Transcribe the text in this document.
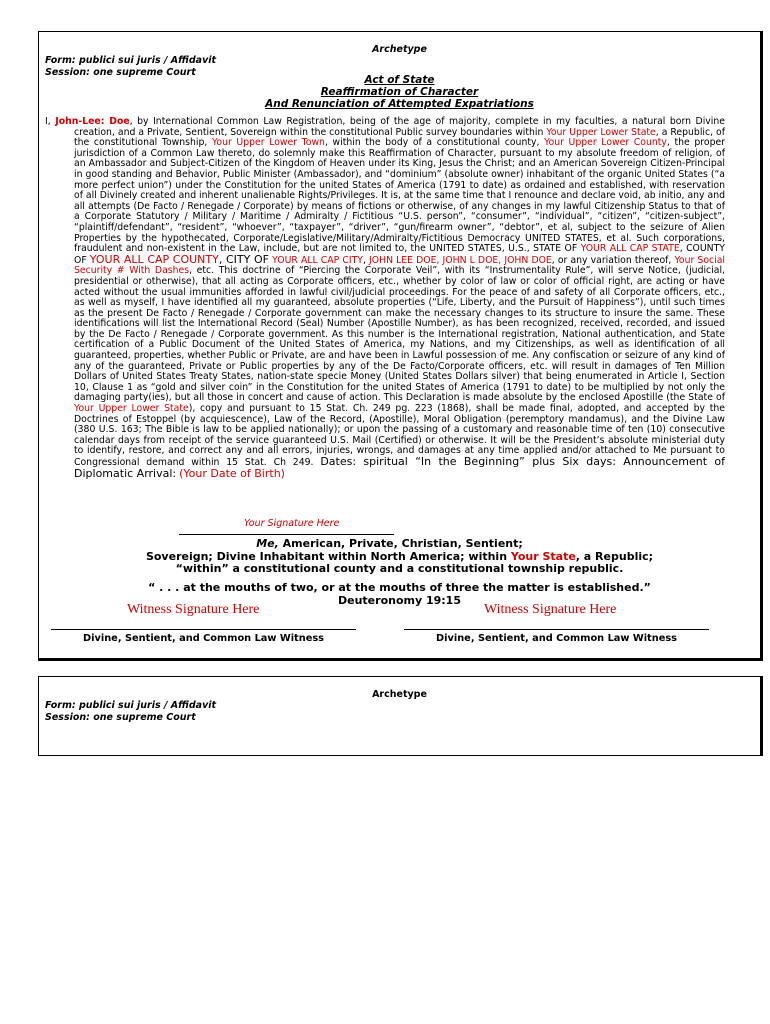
Archetype
Form: publici sui juris / Affidavit
Session: one supreme Court
Act of State
Reaffirmation of Character
And Renunciation of Attempted Expatriations
I, John-Lee: Doe, by International Common Law Registration, being of the age of majority, complete in my faculties, a natural born Divine creation, and a Private, Sentient, Sovereign within the constitutional Public survey boundaries within Your Upper Lower State, a Republic, of the constitutional Township, Your Upper Lower Town, within the body of a constitutional county, Your Upper Lower County, the proper jurisdiction of a Common Law thereto, do solemnly make this Reaffirmation of Character, pursuant to my absolute freedom of religion, of an Ambassador and Subject-Citizen of the Kingdom of Heaven under its King, Jesus the Christ; and an American Sovereign Citizen-Principal in good standing and Behavior, Public Minister (Ambassador), and “dominium” (absolute owner) inhabitant of the organic United States (“a more perfect union”) under the Constitution for the united States of America (1791 to date) as ordained and established, with reservation of all Divinely created and inherent unalienable Rights/Privileges. It is, at the same time that I renounce and declare void, ab initio, any and all attempts (De Facto / Renegade / Corporate) by means of fictions or otherwise, of any changes in my lawful Citizenship Status to that of a Corporate Statutory / Military / Maritime / Admiralty / Fictitious “U.S. person”, “consumer”, “individual”, “citizen”, “citizen-subject”, “plaintiff/defendant”, “resident”, “whoever”, “taxpayer”, “driver”, “gun/firearm owner”, “debtor”, et al, subject to the seizure of Alien Properties by the hypothecated, Corporate/Legislative/Military/Admiralty/Fictitious Democracy UNITED STATES, et al. Such corporations, fraudulent and non-existent in the Law, include, but are not limited to, the UNITED STATES, U.S., STATE OF YOUR ALL CAP STATE, COUNTY OF YOUR ALL CAP COUNTY, CITY OF YOUR ALL CAP CITY, JOHN LEE DOE, JOHN L DOE, JOHN DOE, or any variation thereof, Your Social Security # With Dashes, etc. This doctrine of “Piercing the Corporate Veil”, with its “Instrumentality Rule”, will serve Notice, (judicial, presidential or otherwise), that all acting as Corporate officers, etc., whether by color of law or color of official right, are acting or have acted without the usual immunities afforded in lawful civil/judicial proceedings. For the peace of and safety of all Corporate officers, etc., as well as myself, I have identified all my guaranteed, absolute properties (“Life, Liberty, and the Pursuit of Happiness”), until such times as the present De Facto / Renegade / Corporate government can make the necessary changes to its structure to insure the same. These identifications will list the International Record (Seal) Number (Apostille Number), as has been recognized, received, recorded, and issued by the De Facto / Renegade / Corporate government. As this number is the International registration, National authentication, and State certification of a Public Document of the United States of America, my Nations, and my Citizenships, as well as identification of all guaranteed, properties, whether Public or Private, are and have been in Lawful possession of me. Any confiscation or seizure of any kind of any of the guaranteed, Private or Public properties by any of the De Facto/Corporate officers, etc. will result in damages of Ten Million Dollars of United States Treaty States, nation-state specie Money (United States Dollars silver) that being enumerated in Article I, Section 10, Clause 1 as “gold and silver coin” in the Constitution for the united States of America (1791 to date) to be multiplied by not only the damaging party(ies), but all those in concert and cause of action. This Declaration is made absolute by the enclosed Apostille (the State of Your Upper Lower State), copy and pursuant to 15 Stat. Ch. 249 pg. 223 (1868), shall be made final, adopted, and accepted by the Doctrines of Estoppel (by acquiescence), Law of the Record, (Apostille), Moral Obligation (peremptory mandamus), and the Divine Law (380 U.S. 163; The Bible is law to be applied nationally); or upon the passing of a customary and reasonable time of ten (10) consecutive calendar days from receipt of the service guaranteed U.S. Mail (Certified) or otherwise. It will be the President’s absolute ministerial duty to identify, restore, and correct any and all errors, injuries, wrongs, and damages at any time applied and/or attached to Me pursuant to Congressional demand within 15 Stat. Ch 249. Dates: spiritual “In the Beginning” plus Six days: Announcement of Diplomatic Arrival: (Your Date of Birth)
Your Signature Here
Me, American, Private, Christian, Sentient;
Sovereign; Divine Inhabitant within North America; within Your State, a Republic;
“within” a constitutional county and a constitutional township republic.
“ . . . at the mouths of two, or at the mouths of three the matter is established.”
Deuteronomy 19:15
Witness Signature Here	Witness Signature Here
Divine, Sentient, and Common Law Witness	Divine, Sentient, and Common Law Witness
Archetype
Form: publici sui juris / Affidavit
Session: one supreme Court
